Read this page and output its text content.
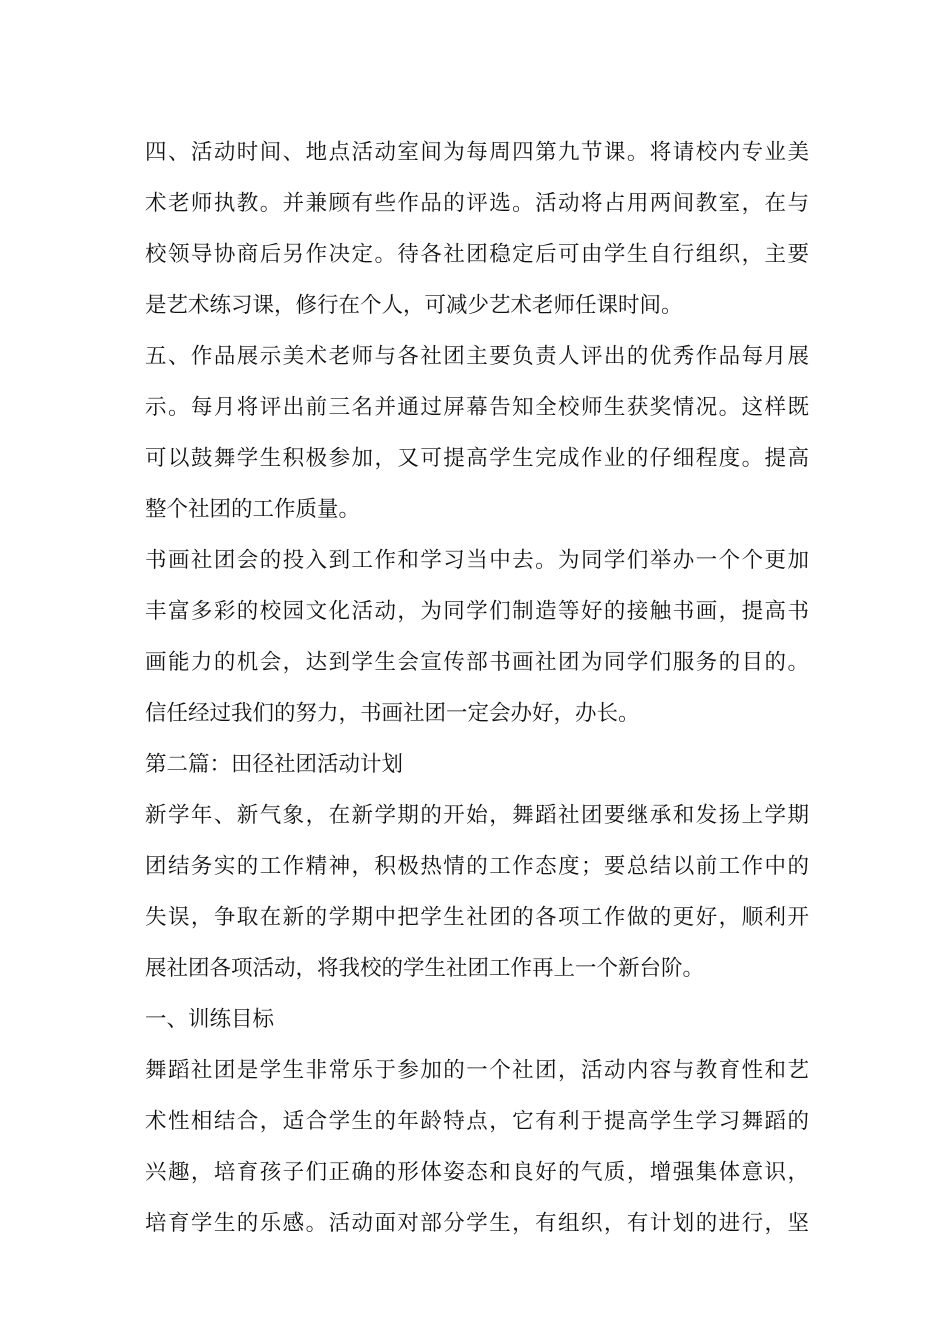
四、活动时间、地点活动室间为每周四第九节课。将请校内专业美
术老师执教。并兼顾有些作品的评选。活动将占用两间教室，在与
校领导协商后另作决定。待各社团稳定后可由学生自行组织，主要
是艺术练习课，修行在个人，可减少艺术老师任课时间。
五、作品展示美术老师与各社团主要负责人评出的优秀作品每月展
示。每月将评出前三名并通过屏幕告知全校师生获奖情况。这样既
可以鼓舞学生积极参加，又可提高学生完成作业的仔细程度。提高
整个社团的工作质量。
书画社团会的投入到工作和学习当中去。为同学们举办一个个更加
丰富多彩的校园文化活动，为同学们制造等好的接触书画，提高书
画能力的机会，达到学生会宣传部书画社团为同学们服务的目的。
信任经过我们的努力，书画社团一定会办好，办长。
第二篇：田径社团活动计划
新学年、新气象，在新学期的开始，舞蹈社团要继承和发扬上学期
团结务实的工作精神，积极热情的工作态度；要总结以前工作中的
失误，争取在新的学期中把学生社团的各项工作做的更好，顺利开
展社团各项活动，将我校的学生社团工作再上一个新台阶。
一、训练目标
舞蹈社团是学生非常乐于参加的一个社团，活动内容与教育性和艺
术性相结合，适合学生的年龄特点，它有利于提高学生学习舞蹈的
兴趣，培育孩子们正确的形体姿态和良好的气质，增强集体意识，
培育学生的乐感。活动面对部分学生，有组织，有计划的进行，坚
